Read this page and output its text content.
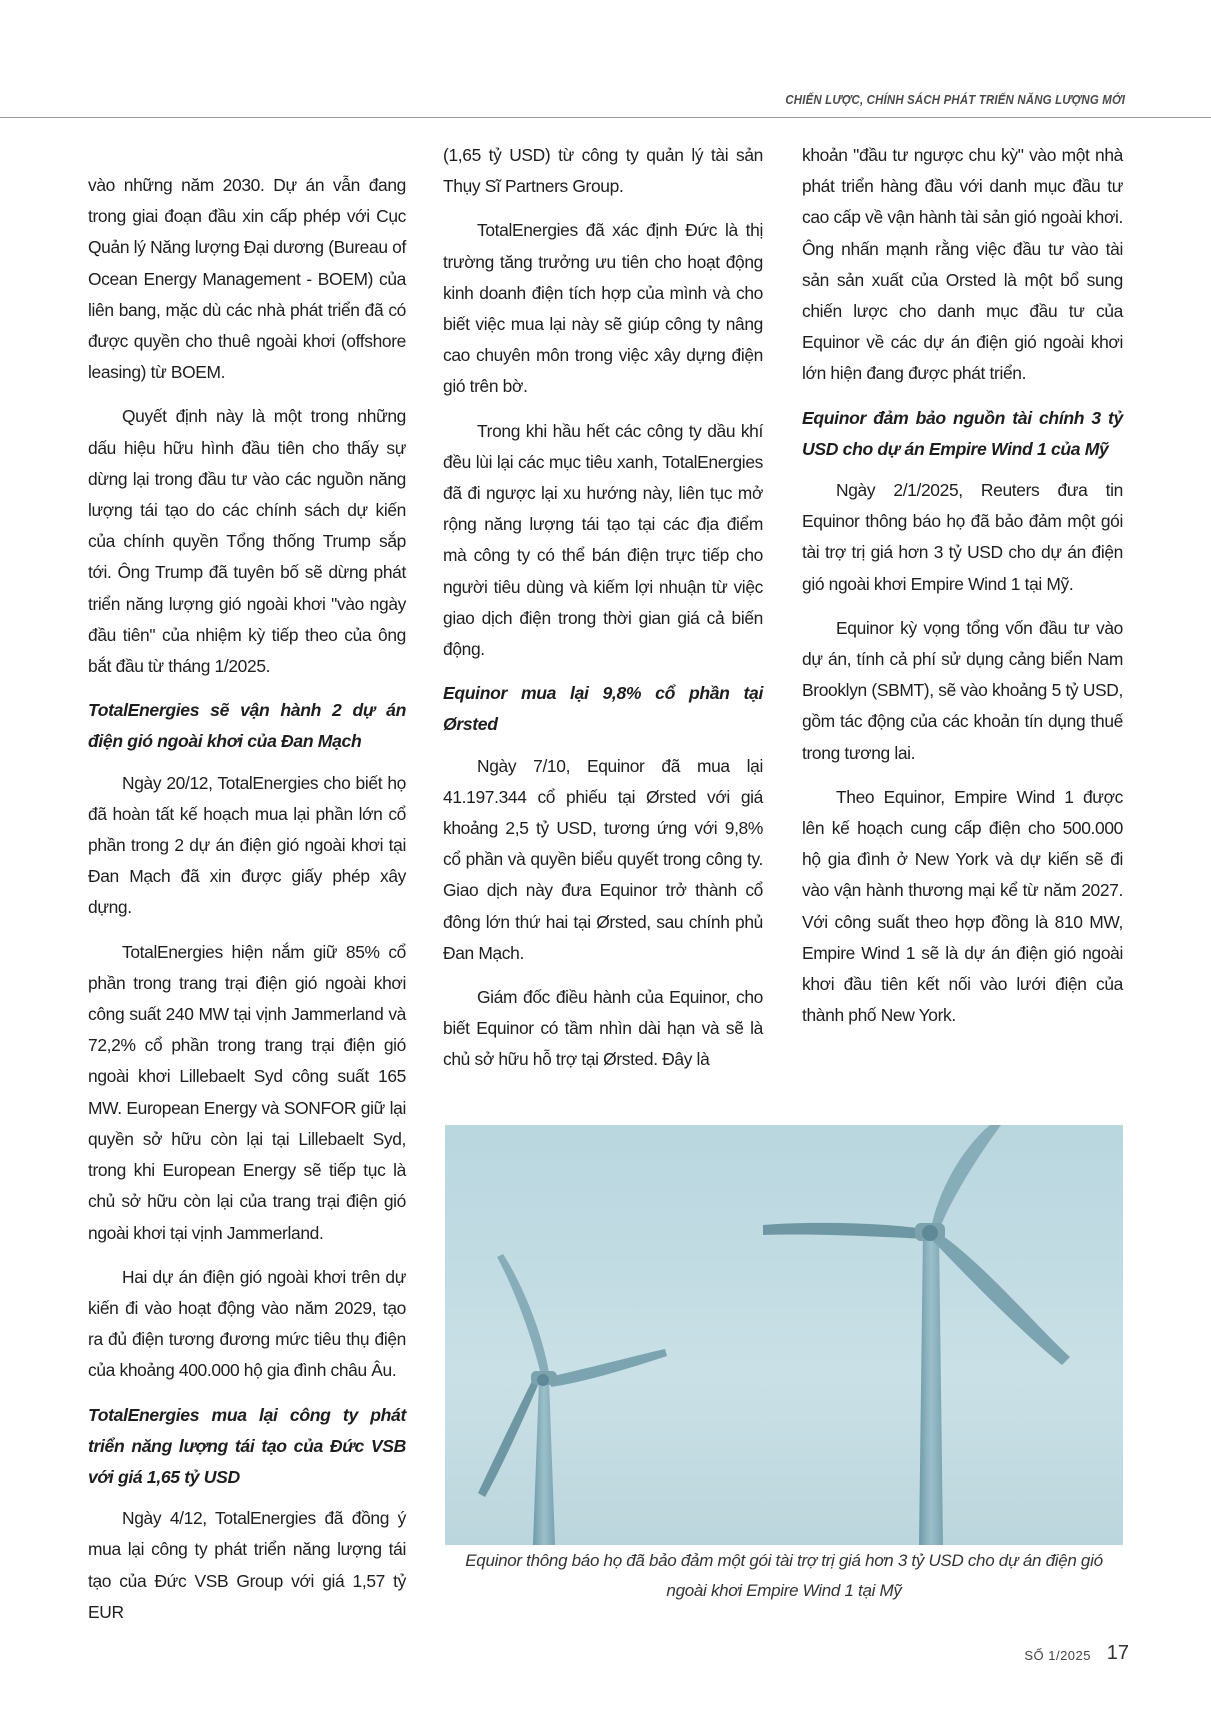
CHIẾN LƯỢC, CHÍNH SÁCH PHÁT TRIỂN NĂNG LƯỢNG MỚI

vào những năm 2030. Dự án vẫn đang trong giai đoạn đầu xin cấp phép với Cục Quản lý Năng lượng Đại dương (Bureau of Ocean Energy Management - BOEM) của liên bang, mặc dù các nhà phát triển đã có được quyền cho thuê ngoài khơi (offshore leasing) từ BOEM.

Quyết định này là một trong những dấu hiệu hữu hình đầu tiên cho thấy sự dừng lại trong đầu tư vào các nguồn năng lượng tái tạo do các chính sách dự kiến của chính quyền Tổng thống Trump sắp tới. Ông Trump đã tuyên bố sẽ dừng phát triển năng lượng gió ngoài khơi "vào ngày đầu tiên" của nhiệm kỳ tiếp theo của ông bắt đầu từ tháng 1/2025.

TotalEnergies sẽ vận hành 2 dự án điện gió ngoài khơi của Đan Mạch

Ngày 20/12, TotalEnergies cho biết họ đã hoàn tất kế hoạch mua lại phần lớn cổ phần trong 2 dự án điện gió ngoài khơi tại Đan Mạch đã xin được giấy phép xây dựng.

TotalEnergies hiện nắm giữ 85% cổ phần trong trang trại điện gió ngoài khơi công suất 240 MW tại vịnh Jammerland và 72,2% cổ phần trong trang trại điện gió ngoài khơi Lillebaelt Syd công suất 165 MW. European Energy và SONFOR giữ lại quyền sở hữu còn lại tại Lillebaelt Syd, trong khi European Energy sẽ tiếp tục là chủ sở hữu còn lại của trang trại điện gió ngoài khơi tại vịnh Jammerland.

Hai dự án điện gió ngoài khơi trên dự kiến đi vào hoạt động vào năm 2029, tạo ra đủ điện tương đương mức tiêu thụ điện của khoảng 400.000 hộ gia đình châu Âu.

TotalEnergies mua lại công ty phát triển năng lượng tái tạo của Đức VSB với giá 1,65 tỷ USD

Ngày 4/12, TotalEnergies đã đồng ý mua lại công ty phát triển năng lượng tái tạo của Đức VSB Group với giá 1,57 tỷ EUR

(1,65 tỷ USD) từ công ty quản lý tài sản Thụy Sĩ Partners Group.

TotalEnergies đã xác định Đức là thị trường tăng trưởng ưu tiên cho hoạt động kinh doanh điện tích hợp của mình và cho biết việc mua lại này sẽ giúp công ty nâng cao chuyên môn trong việc xây dựng điện gió trên bờ.

Trong khi hầu hết các công ty dầu khí đều lùi lại các mục tiêu xanh, TotalEnergies đã đi ngược lại xu hướng này, liên tục mở rộng năng lượng tái tạo tại các địa điểm mà công ty có thể bán điện trực tiếp cho người tiêu dùng và kiếm lợi nhuận từ việc giao dịch điện trong thời gian giá cả biến động.

Equinor mua lại 9,8% cổ phần tại Ørsted

Ngày 7/10, Equinor đã mua lại 41.197.344 cổ phiếu tại Ørsted với giá khoảng 2,5 tỷ USD, tương ứng với 9,8% cổ phần và quyền biểu quyết trong công ty. Giao dịch này đưa Equinor trở thành cổ đông lớn thứ hai tại Ørsted, sau chính phủ Đan Mạch.

Giám đốc điều hành của Equinor, cho biết Equinor có tầm nhìn dài hạn và sẽ là chủ sở hữu hỗ trợ tại Ørsted. Đây là

khoản "đầu tư ngược chu kỳ" vào một nhà phát triển hàng đầu với danh mục đầu tư cao cấp về vận hành tài sản gió ngoài khơi. Ông nhấn mạnh rằng việc đầu tư vào tài sản sản xuất của Orsted là một bổ sung chiến lược cho danh mục đầu tư của Equinor về các dự án điện gió ngoài khơi lớn hiện đang được phát triển.

Equinor đảm bảo nguồn tài chính 3 tỷ USD cho dự án Empire Wind 1 của Mỹ

Ngày 2/1/2025, Reuters đưa tin Equinor thông báo họ đã bảo đảm một gói tài trợ trị giá hơn 3 tỷ USD cho dự án điện gió ngoài khơi Empire Wind 1 tại Mỹ.

Equinor kỳ vọng tổng vốn đầu tư vào dự án, tính cả phí sử dụng cảng biển Nam Brooklyn (SBMT), sẽ vào khoảng 5 tỷ USD, gồm tác động của các khoản tín dụng thuế trong tương lai.

Theo Equinor, Empire Wind 1 được lên kế hoạch cung cấp điện cho 500.000 hộ gia đình ở New York và dự kiến sẽ đi vào vận hành thương mại kể từ năm 2027. Với công suất theo hợp đồng là 810 MW, Empire Wind 1 sẽ là dự án điện gió ngoài khơi đầu tiên kết nối vào lưới điện của thành phố New York.

Equinor thông báo họ đã bảo đảm một gói tài trợ trị giá hơn 3 tỷ USD cho dự án điện gió ngoài khơi Empire Wind 1 tại Mỹ
SỐ 1/2025 17
